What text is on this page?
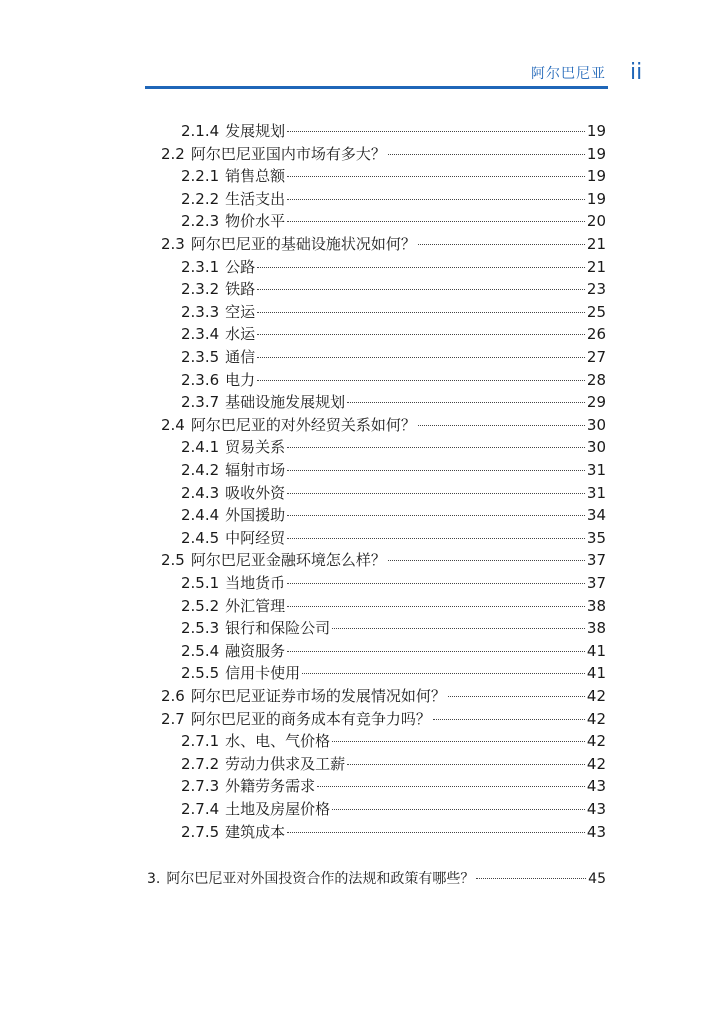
阿尔巴尼亚 ii
2.1.4 发展规划	19
2.2 阿尔巴尼亚国内市场有多大？	19
2.2.1 销售总额	19
2.2.2 生活支出	19
2.2.3 物价水平	20
2.3 阿尔巴尼亚的基础设施状况如何？	21
2.3.1 公路	21
2.3.2 铁路	23
2.3.3 空运	25
2.3.4 水运	26
2.3.5 通信	27
2.3.6 电力	28
2.3.7 基础设施发展规划	29
2.4 阿尔巴尼亚的对外经贸关系如何？	30
2.4.1 贸易关系	30
2.4.2 辐射市场	31
2.4.3 吸收外资	31
2.4.4 外国援助	34
2.4.5 中阿经贸	35
2.5 阿尔巴尼亚金融环境怎么样？	37
2.5.1 当地货币	37
2.5.2 外汇管理	38
2.5.3 银行和保险公司	38
2.5.4 融资服务	41
2.5.5 信用卡使用	41
2.6 阿尔巴尼亚证券市场的发展情况如何？	42
2.7 阿尔巴尼亚的商务成本有竞争力吗？	42
2.7.1 水、电、气价格	42
2.7.2 劳动力供求及工薪	42
2.7.3 外籍劳务需求	43
2.7.4 土地及房屋价格	43
2.7.5 建筑成本	43
3. 阿尔巴尼亚对外国投资合作的法规和政策有哪些？	45
